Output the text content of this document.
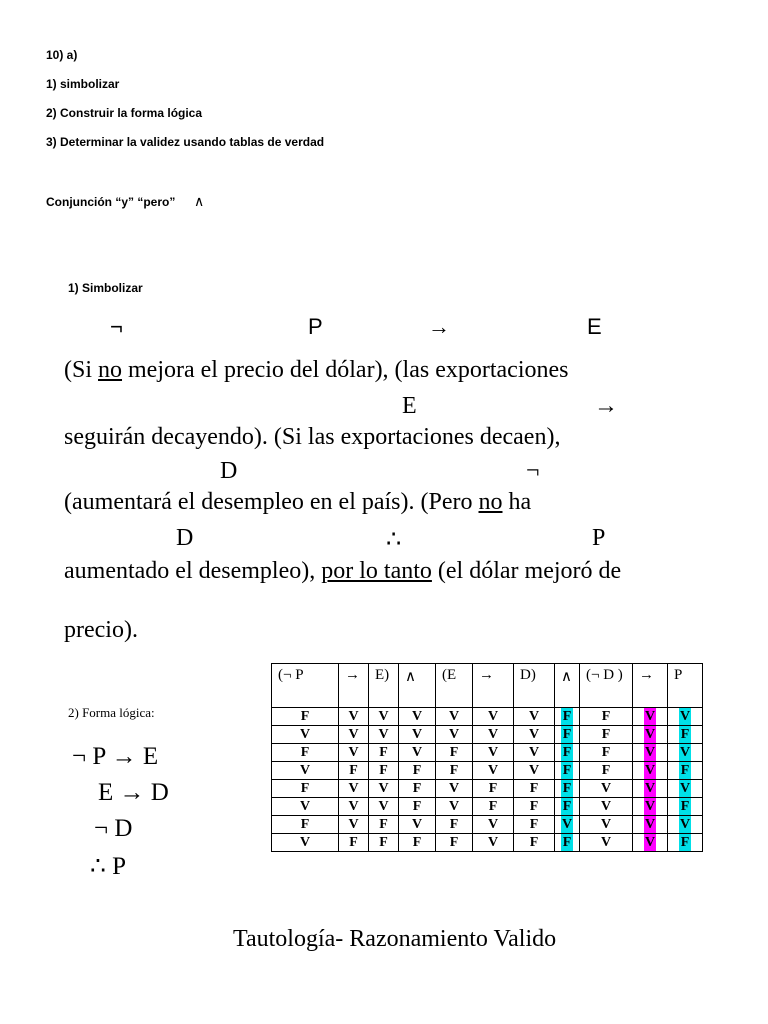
10) a)
1) simbolizar
2) Construir la forma lógica
3) Determinar la validez usando tablas de verdad
Conjunción “y” “pero” ∧
1) Simbolizar
¬	P	→	E
(Si no mejora el precio del dólar), (las exportaciones
E	→
seguirán decayendo). (Si las exportaciones decaen),
D	¬
(aumentará el desempleo en el país). (Pero no ha
D	∴	P
aumentado el desempleo), por lo tanto (el dólar mejoró de
precio).
2) Forma lógica:
¬ P → E
E → D
¬ D
∴ P
(¬ P	→	E)	∧	(E	→	D)	∧	(¬ D )	→	P
F	V	V	V	V	V	V	F	F	V	V
V	V	V	V	V	V	V	F	F	V	F
F	V	F	V	F	V	V	F	F	V	V
V	F	F	F	F	V	V	F	F	V	F
F	V	V	F	V	F	F	F	V	V	V
V	V	V	F	V	F	F	F	V	V	F
F	V	F	V	F	V	F	V	V	V	V
V	F	F	F	F	V	F	F	V	V	F
Tautología- Razonamiento Valido
